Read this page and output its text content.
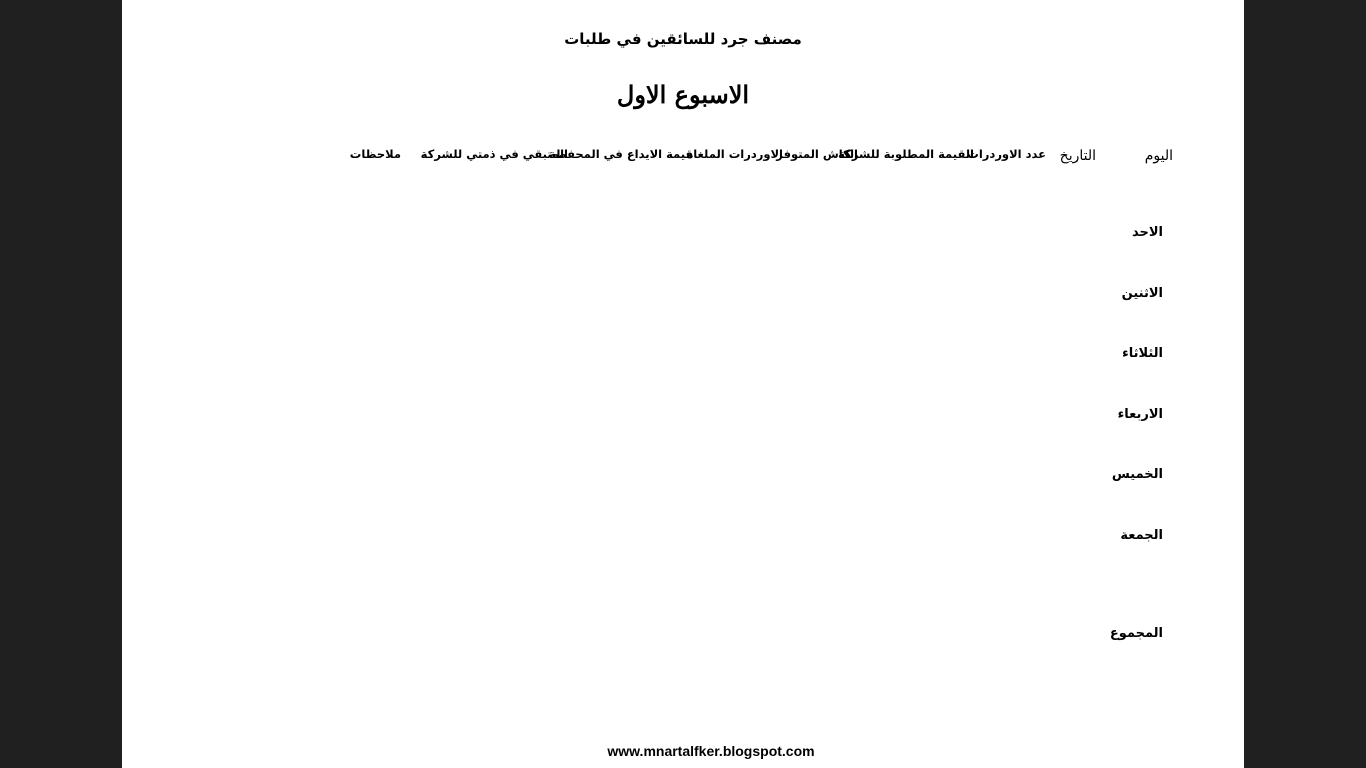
مصنف جرد للسائقين في طلبات
الاسبوع الاول
اليوم
التاريخ
عدد الاوردرات
القيمة المطلوبة للشركة
الكاش المتوفر
الاوردرات الملغاه
قيمة الايداع في المحفظة
المتبقي في ذمتي للشركة
ملاحظات
الاحد
الاثنين
الثلاثاء
الاربعاء
الخميس
الجمعة
المجموع
www.mnartalfker.blogspot.com
